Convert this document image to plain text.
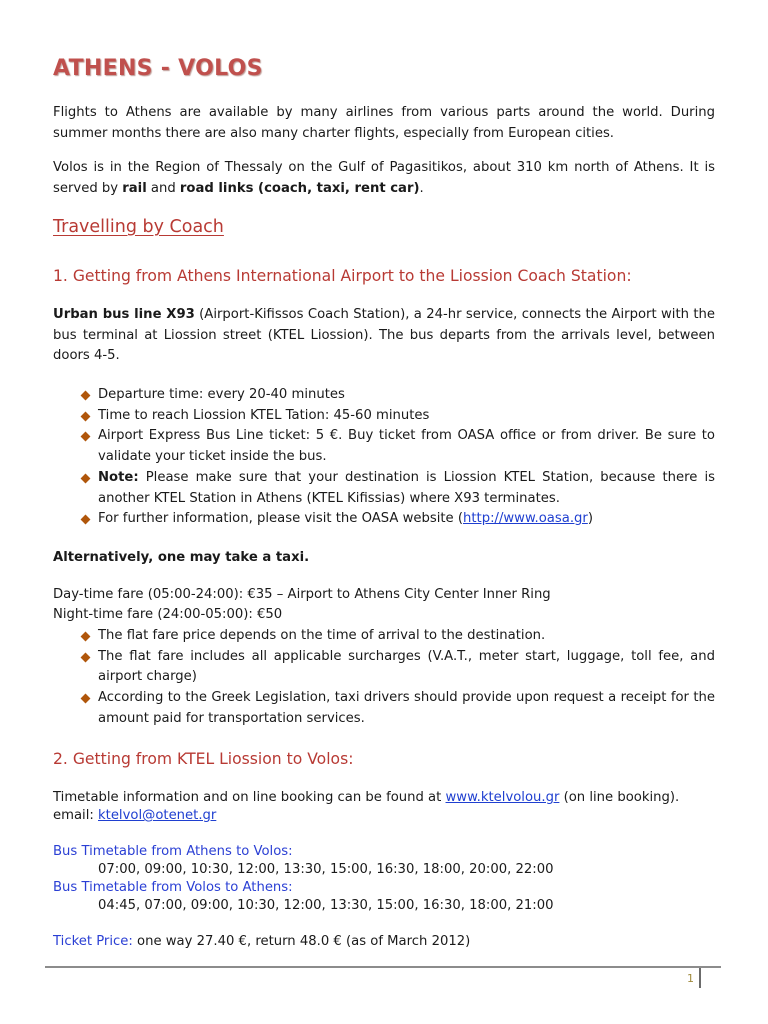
ATHENS - VOLOS

Flights to Athens are available by many airlines from various parts around the world. During summer months there are also many charter flights, especially from European cities.

Volos is in the Region of Thessaly on the Gulf of Pagasitikos, about 310 km north of Athens. It is served by rail and road links (coach, taxi, rent car).

Travelling by Coach
1. Getting from Athens International Airport to the Liossion Coach Station:

Urban bus line X93 (Airport-Kifissos Coach Station), a 24-hr service, connects the Airport with the bus terminal at Liossion street (KTEL Liossion). The bus departs from the arrivals level, between doors 4-5.

Departure time: every 20-40 minutes
Time to reach Liossion KTEL Tation: 45-60 minutes
Airport Express Bus Line ticket: 5 €. Buy ticket from OASA office or from driver. Be sure to validate your ticket inside the bus.
Note: Please make sure that your destination is Liossion KTEL Station, because there is another KTEL Station in Athens (KTEL Kifissias) where X93 terminates.
For further information, please visit the OASA website (http://www.oasa.gr)

Alternatively, one may take a taxi.

Day-time fare (05:00-24:00): €35 – Airport to Athens City Center Inner Ring

Night-time fare (24:00-05:00): €50

The flat fare price depends on the time of arrival to the destination.
The flat fare includes all applicable surcharges (V.A.T., meter start, luggage, toll fee, and airport charge)
According to the Greek Legislation, taxi drivers should provide upon request a receipt for the amount paid for transportation services.
2. Getting from KTEL Liossion to Volos:

Timetable information and on line booking can be found at www.ktelvolou.gr (on line booking).

email: ktelvol@otenet.gr

Bus Timetable from Athens to Volos:

07:00, 09:00, 10:30, 12:00, 13:30, 15:00, 16:30, 18:00, 20:00, 22:00

Bus Timetable from Volos to Athens:

04:45, 07:00, 09:00, 10:30, 12:00, 13:30, 15:00, 16:30, 18:00, 21:00

Ticket Price: one way 27.40 €, return 48.0 € (as of March 2012)

1
